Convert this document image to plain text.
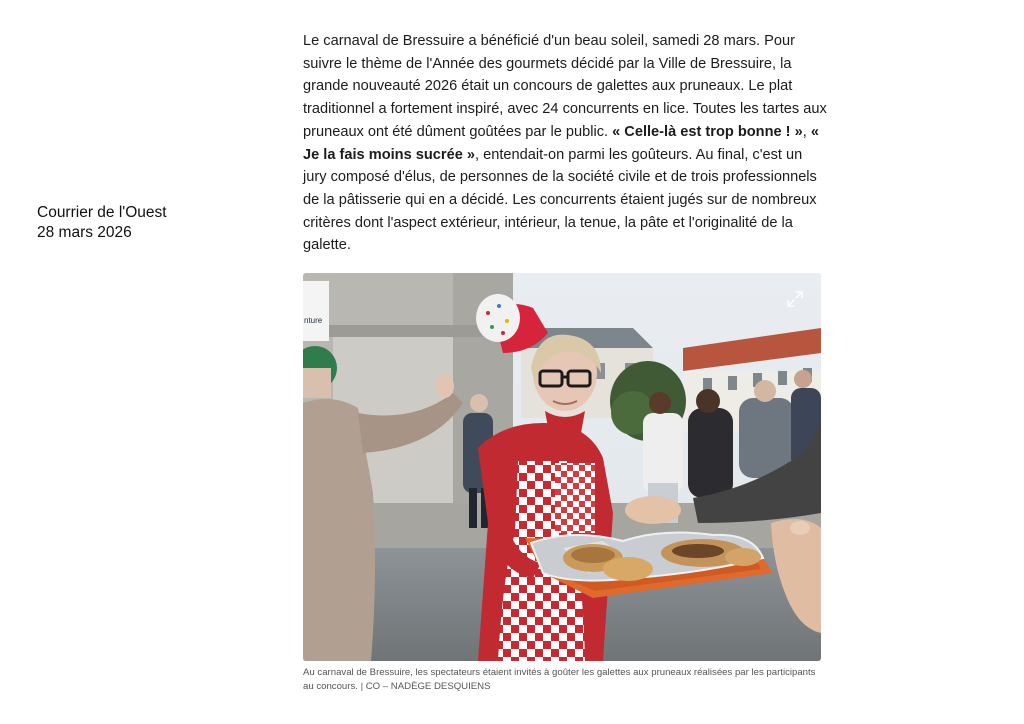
Courrier de l'Ouest
28 mars 2026

Le carnaval de Bressuire a bénéficié d'un beau soleil, samedi 28 mars. Pour suivre le thème de l'Année des gourmets décidé par la Ville de Bressuire, la grande nouveauté 2026 était un concours de galettes aux pruneaux. Le plat traditionnel a fortement inspiré, avec 24 concurrents en lice. Toutes les tartes aux pruneaux ont été dûment goûtées par le public. « Celle-là est trop bonne ! », « Je la fais moins sucrée », entendait-on parmi les goûteurs. Au final, c'est un jury composé d'élus, de personnes de la société civile et de trois professionnels de la pâtisserie qui en a décidé. Les concurrents étaient jugés sur de nombreux critères dont l'aspect extérieur, intérieur, la tenue, la pâte et l'originalité de la galette.

nture
Au carnaval de Bressuire, les spectateurs étaient invités à goûter les galettes aux pruneaux réalisées par les participants au concours. | CO – NADÈGE DESQUIENS
